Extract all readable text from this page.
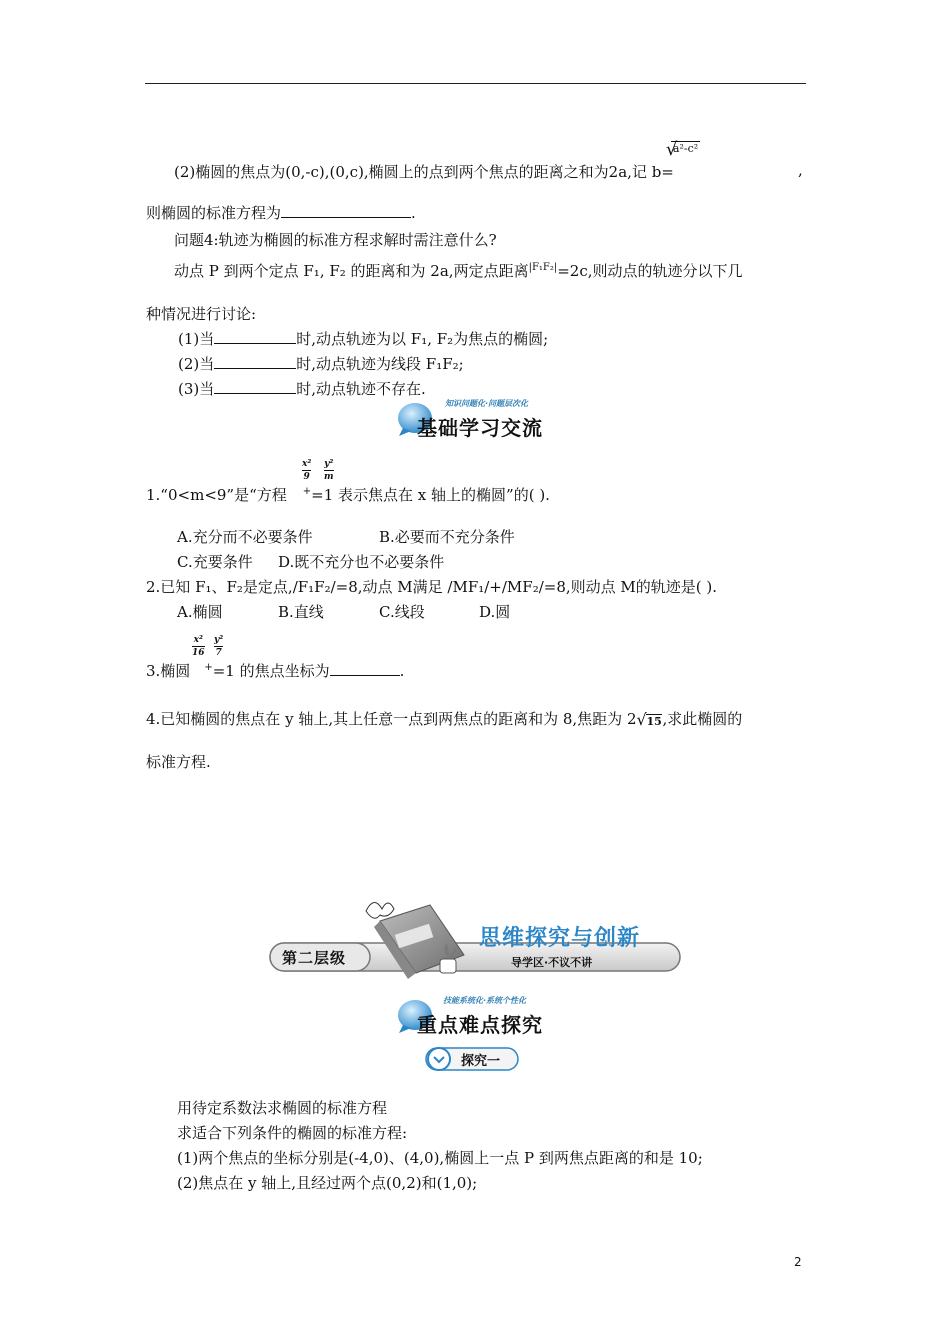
(2)椭圆的焦点为(0,-c),(0,c),椭圆上的点到两个焦点的距离之和为2a,记 b=
a²-c²
√
,
则椭圆的标准方程为	.
问题4:轨迹为椭圆的标准方程求解时需注意什么?
动点 P 到两个定点 F₁, F₂ 的距离和为 2a,两定点距离$^{|F_1F_2|}$=2c,则动点的轨迹分以下几
种情况进行讨论:
(1)当	时,动点轨迹为以 F₁, F₂为焦点的椭圆;
(2)当	时,动点轨迹为线段 F₁F₂;
(3)当	时,动点轨迹不存在.
知识问题化·问题层次化
基础学习交流
x²
9
y²
m
1.“0<m<9”是“方程 +=1 表示焦点在 x 轴上的椭圆”的( ).
A.充分而不必要条件	B.必要而不充分条件
C.充要条件 D.既不充分也不必要条件
2.已知 F₁、F₂是定点,/F₁F₂/=8,动点 M满足 /MF₁/+/MF₂/=8,则动点 M的轨迹是( ).
A.椭圆	B.直线	C.线段	D.圆
x²
16
y²
7
3.椭圆 +=1 的焦点坐标为	.
4.已知椭圆的焦点在 y 轴上,其上任意一点到两焦点的距离和为 8,焦距为 2 √ 15 ,求此椭圆的
标准方程.
第二层级
思维探究与创新
导学区·不议不讲
技能系统化·系统个性化
重点难点探究
探究一
用待定系数法求椭圆的标准方程
求适合下列条件的椭圆的标准方程:
(1)两个焦点的坐标分别是(-4,0)、(4,0),椭圆上一点 P 到两焦点距离的和是 10;
(2)焦点在 y 轴上,且经过两个点(0,2)和(1,0);
2
